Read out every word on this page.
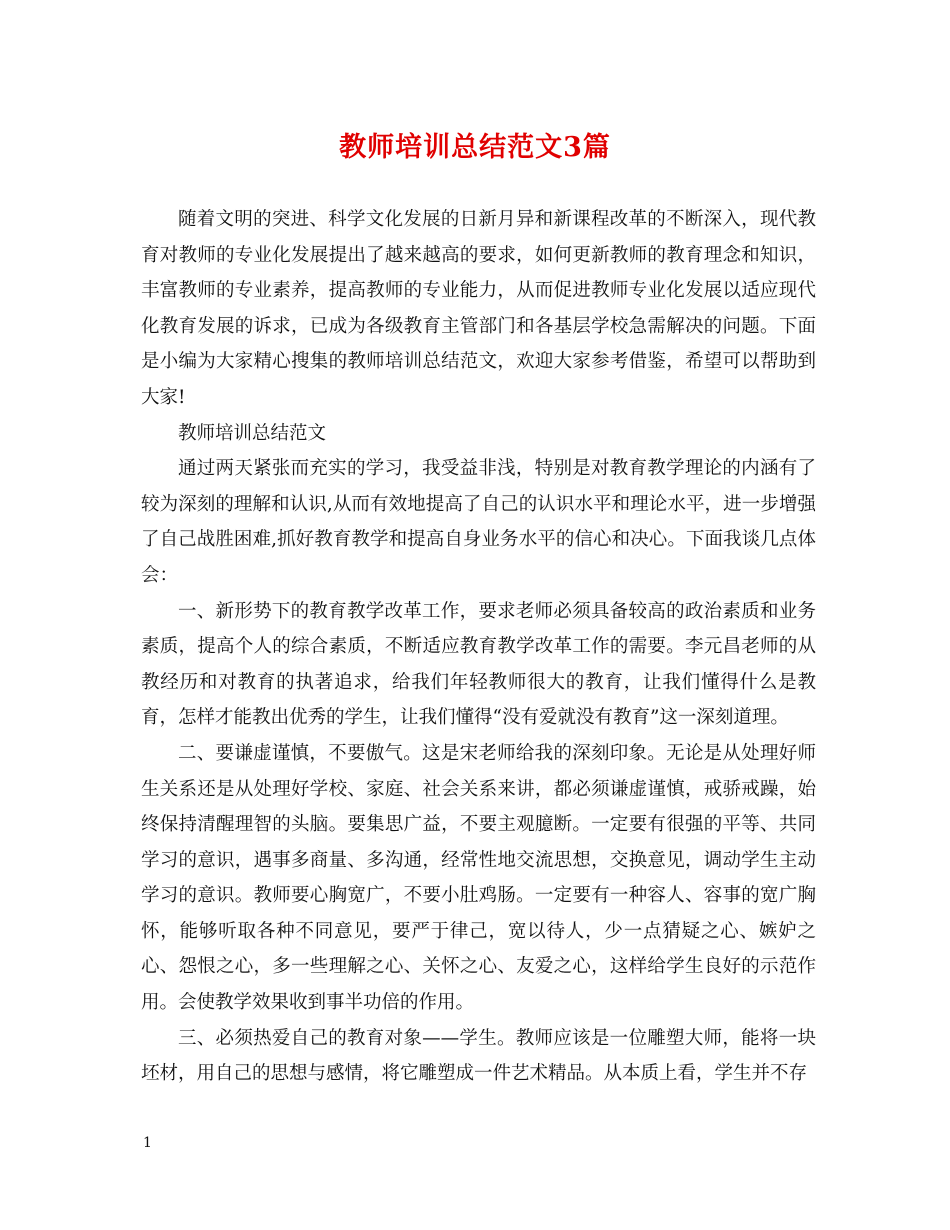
教师培训总结范文3篇

随着文明的突进、科学文化发展的日新月异和新课程改革的不断深入，现代教育对教师的专业化发展提出了越来越高的要求，如何更新教师的教育理念和知识，丰富教师的专业素养，提高教师的专业能力，从而促进教师专业化发展以适应现代化教育发展的诉求，已成为各级教育主管部门和各基层学校急需解决的问题。下面是小编为大家精心搜集的教师培训总结范文，欢迎大家参考借鉴，希望可以帮助到大家!

教师培训总结范文

通过两天紧张而充实的学习，我受益非浅，特别是对教育教学理论的内涵有了较为深刻的理解和认识,从而有效地提高了自己的认识水平和理论水平，进一步增强了自己战胜困难,抓好教育教学和提高自身业务水平的信心和决心。下面我谈几点体会：

一、新形势下的教育教学改革工作，要求老师必须具备较高的政治素质和业务素质，提高个人的综合素质，不断适应教育教学改革工作的需要。李元昌老师的从教经历和对教育的执著追求，给我们年轻教师很大的教育，让我们懂得什么是教育，怎样才能教出优秀的学生，让我们懂得“没有爱就没有教育”这一深刻道理。

二、要谦虚谨慎，不要傲气。这是宋老师给我的深刻印象。无论是从处理好师生关系还是从处理好学校、家庭、社会关系来讲，都必须谦虚谨慎，戒骄戒躁，始终保持清醒理智的头脑。要集思广益，不要主观臆断。一定要有很强的平等、共同学习的意识，遇事多商量、多沟通，经常性地交流思想，交换意见，调动学生主动学习的意识。教师要心胸宽广，不要小肚鸡肠。一定要有一种容人、容事的宽广胸怀，能够听取各种不同意见，要严于律己，宽以待人，少一点猜疑之心、嫉妒之心、怨恨之心，多一些理解之心、关怀之心、友爱之心，这样给学生良好的示范作用。会使教学效果收到事半功倍的作用。

三、必须热爱自己的教育对象——学生。教师应该是一位雕塑大师，能将一块坯材，用自己的思想与感情，将它雕塑成一件艺术精品。从本质上看，学生并不存

1
